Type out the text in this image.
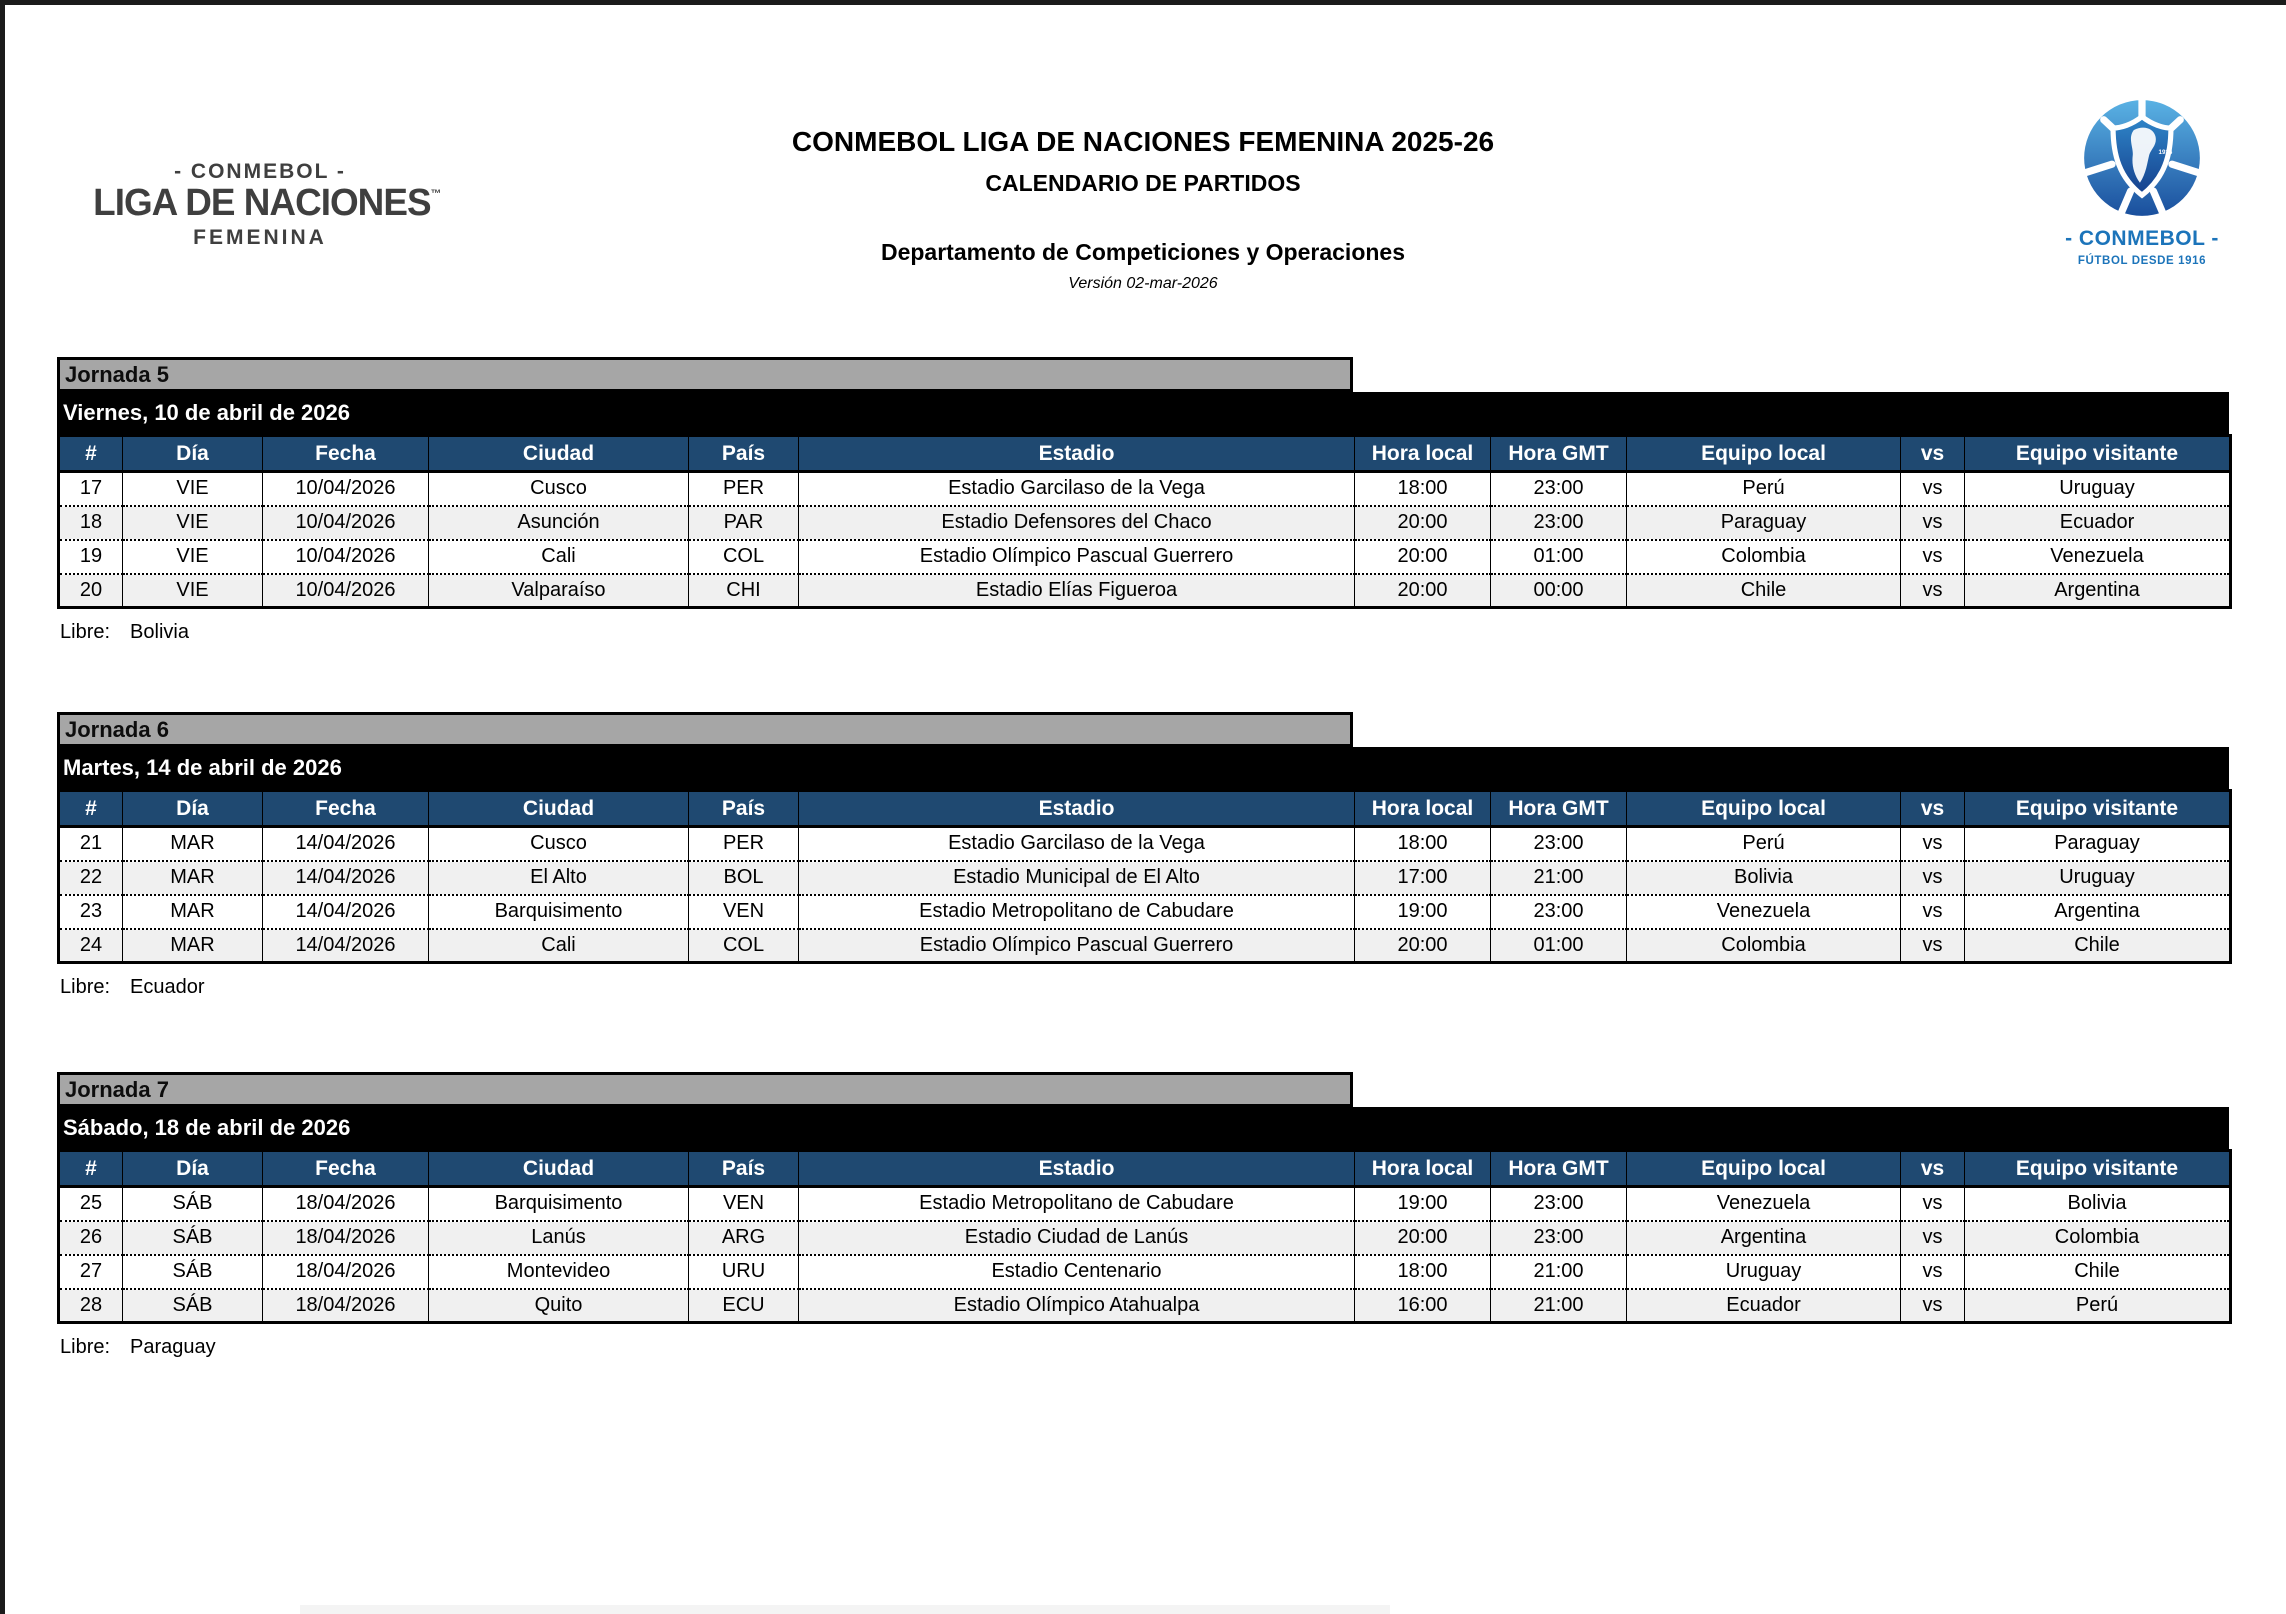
- CONMEBOL -
LIGA DE NACIONES™
FEMENINA
CONMEBOL LIGA DE NACIONES FEMENINA 2025-26
CALENDARIO DE PARTIDOS
Departamento de Competiciones y Operaciones
Versión 02-mar-2026
1916
- CONMEBOL -
FÚTBOL DESDE 1916
Jornada 5
Viernes, 10 de abril de 2026
#	Día	Fecha	Ciudad	País	Estadio	Hora local	Hora GMT	Equipo local	vs	Equipo visitante
17	VIE	10/04/2026	Cusco	PER	Estadio Garcilaso de la Vega	18:00	23:00	Perú	vs	Uruguay
18	VIE	10/04/2026	Asunción	PAR	Estadio Defensores del Chaco	20:00	23:00	Paraguay	vs	Ecuador
19	VIE	10/04/2026	Cali	COL	Estadio Olímpico Pascual Guerrero	20:00	01:00	Colombia	vs	Venezuela
20	VIE	10/04/2026	Valparaíso	CHI	Estadio Elías Figueroa	20:00	00:00	Chile	vs	Argentina
Libre: Bolivia
Jornada 6
Martes, 14 de abril de 2026
#	Día	Fecha	Ciudad	País	Estadio	Hora local	Hora GMT	Equipo local	vs	Equipo visitante
21	MAR	14/04/2026	Cusco	PER	Estadio Garcilaso de la Vega	18:00	23:00	Perú	vs	Paraguay
22	MAR	14/04/2026	El Alto	BOL	Estadio Municipal de El Alto	17:00	21:00	Bolivia	vs	Uruguay
23	MAR	14/04/2026	Barquisimento	VEN	Estadio Metropolitano de Cabudare	19:00	23:00	Venezuela	vs	Argentina
24	MAR	14/04/2026	Cali	COL	Estadio Olímpico Pascual Guerrero	20:00	01:00	Colombia	vs	Chile
Libre: Ecuador
Jornada 7
Sábado, 18 de abril de 2026
#	Día	Fecha	Ciudad	País	Estadio	Hora local	Hora GMT	Equipo local	vs	Equipo visitante
25	SÁB	18/04/2026	Barquisimento	VEN	Estadio Metropolitano de Cabudare	19:00	23:00	Venezuela	vs	Bolivia
26	SÁB	18/04/2026	Lanús	ARG	Estadio Ciudad de Lanús	20:00	23:00	Argentina	vs	Colombia
27	SÁB	18/04/2026	Montevideo	URU	Estadio Centenario	18:00	21:00	Uruguay	vs	Chile
28	SÁB	18/04/2026	Quito	ECU	Estadio Olímpico Atahualpa	16:00	21:00	Ecuador	vs	Perú
Libre: Paraguay
